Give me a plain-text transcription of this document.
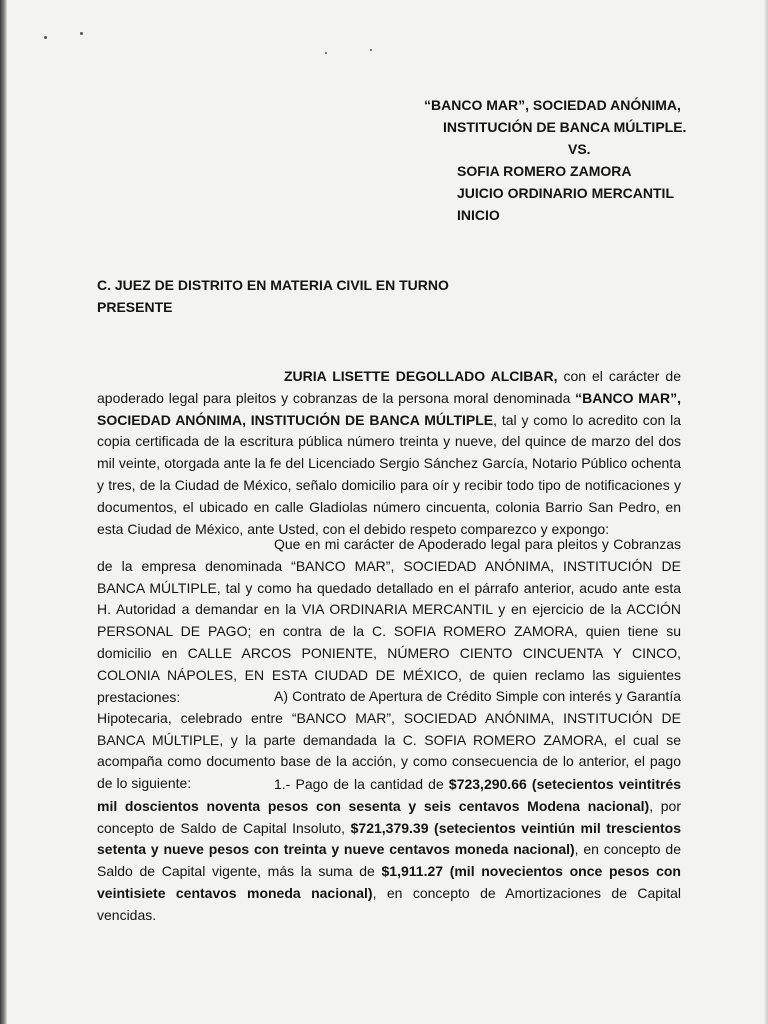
“BANCO MAR”, SOCIEDAD ANÓNIMA,
INSTITUCIÓN DE BANCA MÚLTIPLE.
VS.
SOFIA ROMERO ZAMORA
JUICIO ORDINARIO MERCANTIL
INICIO
C. JUEZ DE DISTRITO EN MATERIA CIVIL EN TURNO
PRESENTE
ZURIA LISETTE DEGOLLADO ALCIBAR, con el carácter de apoderado legal para pleitos y cobranzas de la persona moral denominada “BANCO MAR”, SOCIEDAD ANÓNIMA, INSTITUCIÓN DE BANCA MÚLTIPLE, tal y como lo acredito con la copia certificada de la escritura pública número treinta y nueve, del quince de marzo del dos mil veinte, otorgada ante la fe del Licenciado Sergio Sánchez García, Notario Público ochenta y tres, de la Ciudad de México, señalo domicilio para oír y recibir todo tipo de notificaciones y documentos, el ubicado en calle Gladiolas número cincuenta, colonia Barrio San Pedro, en esta Ciudad de México, ante Usted, con el debido respeto comparezco y expongo:
Que en mi carácter de Apoderado legal para pleitos y Cobranzas de la empresa denominada “BANCO MAR”, SOCIEDAD ANÓNIMA, INSTITUCIÓN DE BANCA MÚLTIPLE, tal y como ha quedado detallado en el párrafo anterior, acudo ante esta H. Autoridad a demandar en la VIA ORDINARIA MERCANTIL y en ejercicio de la ACCIÓN PERSONAL DE PAGO; en contra de la C. SOFIA ROMERO ZAMORA, quien tiene su domicilio en CALLE ARCOS PONIENTE, NÚMERO CIENTO CINCUENTA Y CINCO, COLONIA NÁPOLES, EN ESTA CIUDAD DE MÉXICO, de quien reclamo las siguientes prestaciones:	A) Contrato de Apertura de Crédito Simple con interés y Garantía Hipotecaria, celebrado entre “BANCO MAR”, SOCIEDAD ANÓNIMA, INSTITUCIÓN DE BANCA MÚLTIPLE, y la parte demandada la C. SOFIA ROMERO ZAMORA, el cual se acompaña como documento base de la acción, y como consecuencia de lo anterior, el pago de lo siguiente:	1.- Pago de la cantidad de $723,290.66 (setecientos veintitrés mil doscientos noventa pesos con sesenta y seis centavos Modena nacional), por concepto de Saldo de Capital Insoluto, $721,379.39 (setecientos veintiún mil trescientos setenta y nueve pesos con treinta y nueve centavos moneda nacional), en concepto de Saldo de Capital vigente, más la suma de $1,911.27 (mil novecientos once pesos con veintisiete centavos moneda nacional), en concepto de Amortizaciones de Capital vencidas.
